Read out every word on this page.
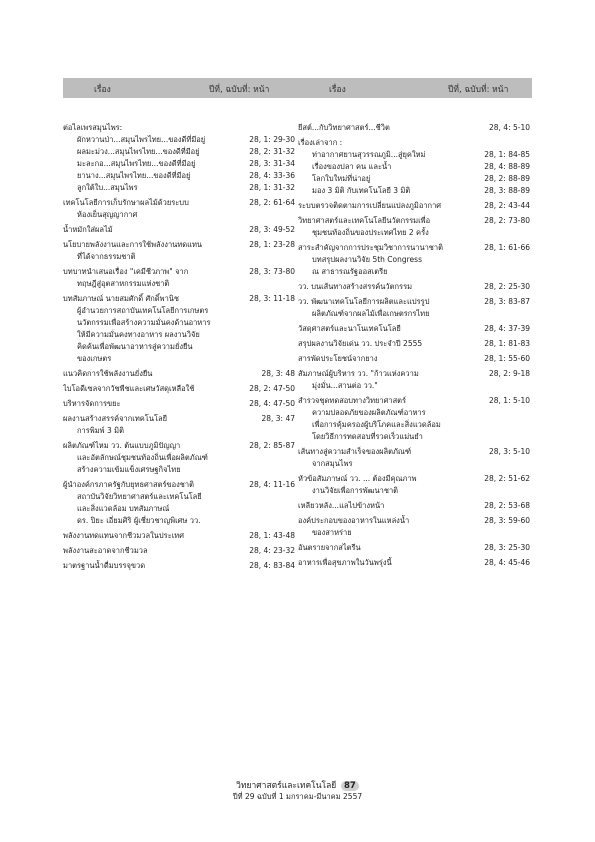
เรื่อง	ปีที่, ฉบับที่: หน้า	เรื่อง	ปีที่, ฉบับที่: หน้า
ต่อไลเพรสมุนไพร:
ผักหวานป่า...สมุนไพรไทย...ของดีที่มีอยู่	28, 1: 29-30
ผลมะม่วง...สมุนไพรไทย...ของดีที่มีอยู่	28, 2: 31-32
มะละกอ...สมุนไพรไทย...ของดีที่มีอยู่	28, 3: 31-34
ยานาง...สมุนไพรไทย...ของดีที่มีอยู่	28, 4: 33-36
ลูกใต้ใบ...สมุนไพร	28, 1: 31-32
เทคโนโลยีการเก็บรักษาผลไม้ด้วยระบบ	28, 2: 61-64
ห้องเย็นสุญญากาศ
น้ำหมักใส่ผลไม้	28, 3: 49-52
นโยบายพลังงานและการใช้พลังงานทดแทน	28, 1: 23-28
ที่ได้จากธรรมชาติ
บทบาทนำเสนอเรื่อง "เคมีชีวภาพ" จาก	28, 3: 73-80
ทฤษฎีสู่อุตสาหกรรมแห่งชาติ
บทสัมภาษณ์ นายสมศักดิ์ ศักดิ์พานิช	28, 3: 11-18
ผู้อำนวยการสถาบันเทคโนโลยีการเกษตร
นวัตกรรมเพื่อสร้างความมั่นคงด้านอาหาร
ให้มีความมั่นคงทางอาหาร ผลงานวิจัย
คิดค้นเพื่อพัฒนาอาหารสู่ความยั่งยืน
ของเกษตร
แนวคิดการใช้พลังงานยั่งยืน	28, 3: 48
ไบโอดีเซลจากวัชพืชและเศษวัสดุเหลือใช้	28, 2: 47-50
บริหารจัดการขยะ	28, 4: 47-50
ผลงานสร้างสรรค์จากเทคโนโลยี	28, 3: 47
การพิมพ์ 3 มิติ
ผลิตภัณฑ์ไหม วว. ต้นแบบภูมิปัญญา	28, 2: 85-87
และอัตลักษณ์ชุมชนท้องถิ่นเพื่อผลิตภัณฑ์
สร้างความเข้มแข็งเศรษฐกิจไทย
ผู้นำองค์กรภาครัฐกับยุทธศาสตร์ของชาติ	28, 4: 11-16
สถาบันวิจัยวิทยาศาสตร์และเทคโนโลยี
และสิ่งแวดล้อม บทสัมภาษณ์
ดร. ปิยะ เอี่ยมศิริ ผู้เชี่ยวชาญพิเศษ วว.
พลังงานทดแทนจากชีวมวลในประเทศ	28, 1: 43-48
พลังงานสะอาดจากชีวมวล	28, 4: 23-32
มาตรฐานน้ำดื่มบรรจุขวด	28, 4: 83-84
ยีสต์...กับวิทยาศาสตร์...ชีวิต	28, 4: 5-10
เรื่องเล่าจาก :
ท่าอากาศยานสุวรรณภูมิ...สู่ยุคใหม่	28, 1: 84-85
เรื่องของปลา คน และน้ำ	28, 4: 88-89
โลกใบใหม่ที่น่าอยู่	28, 2: 88-89
มอง 3 มิติ กับเทคโนโลยี 3 มิติ	28, 3: 88-89
ระบบตรวจติดตามการเปลี่ยนแปลงภูมิอากาศ	28, 2: 43-44
วิทยาศาสตร์และเทคโนโลยีนวัตกรรมเพื่อ	28, 2: 73-80
ชุมชนท้องถิ่นของประเทศไทย 2 ครั้ง
สาระสำคัญจากการประชุมวิชาการนานาชาติ	28, 1: 61-66
บทสรุปผลงานวิจัย 5th Congress
ณ สาธารณรัฐออสเตรีย
วว. บนเส้นทางสร้างสรรค์นวัตกรรม	28, 2: 25-30
วว. พัฒนาเทคโนโลยีการผลิตและแปรรูป	28, 3: 83-87
ผลิตภัณฑ์จากผลไม้เพื่อเกษตรกรไทย
วัสดุศาสตร์และนาโนเทคโนโลยี	28, 4: 37-39
สรุปผลงานวิจัยเด่น วว. ประจำปี 2555	28, 1: 81-83
สารพัดประโยชน์จากยาง	28, 1: 55-60
สัมภาษณ์ผู้บริหาร วว. "ก้าวแห่งความ	28, 2: 9-18
มุ่งมั่น...สานต่อ วว."
สำรวจชุดทดสอบทางวิทยาศาสตร์	28, 1: 5-10
ความปลอดภัยของผลิตภัณฑ์อาหาร
เพื่อการคุ้มครองผู้บริโภคและสิ่งแวดล้อม
โดยวิธีการทดสอบที่รวดเร็วแม่นยำ
เส้นทางสู่ความสำเร็จของผลิตภัณฑ์	28, 3: 5-10
จากสมุนไพร
หัวข้อสัมภาษณ์ วว. ... ต้องมีคุณภาพ	28, 2: 51-62
งานวิจัยเพื่อการพัฒนาชาติ
เหลียวหลัง...แลไปข้างหน้า	28, 2: 53-68
องค์ประกอบของอาหารในแหล่งน้ำ	28, 3: 59-60
ของสาหร่าย
อันตรายจากสไตรีน	28, 3: 25-30
อาหารเพื่อสุขภาพในวันพรุ่งนี้	28, 4: 45-46
วิทยาศาสตร์และเทคโนโลยี 87
ปีที่ 29 ฉบับที่ 1 มกราคม-มีนาคม 2557
